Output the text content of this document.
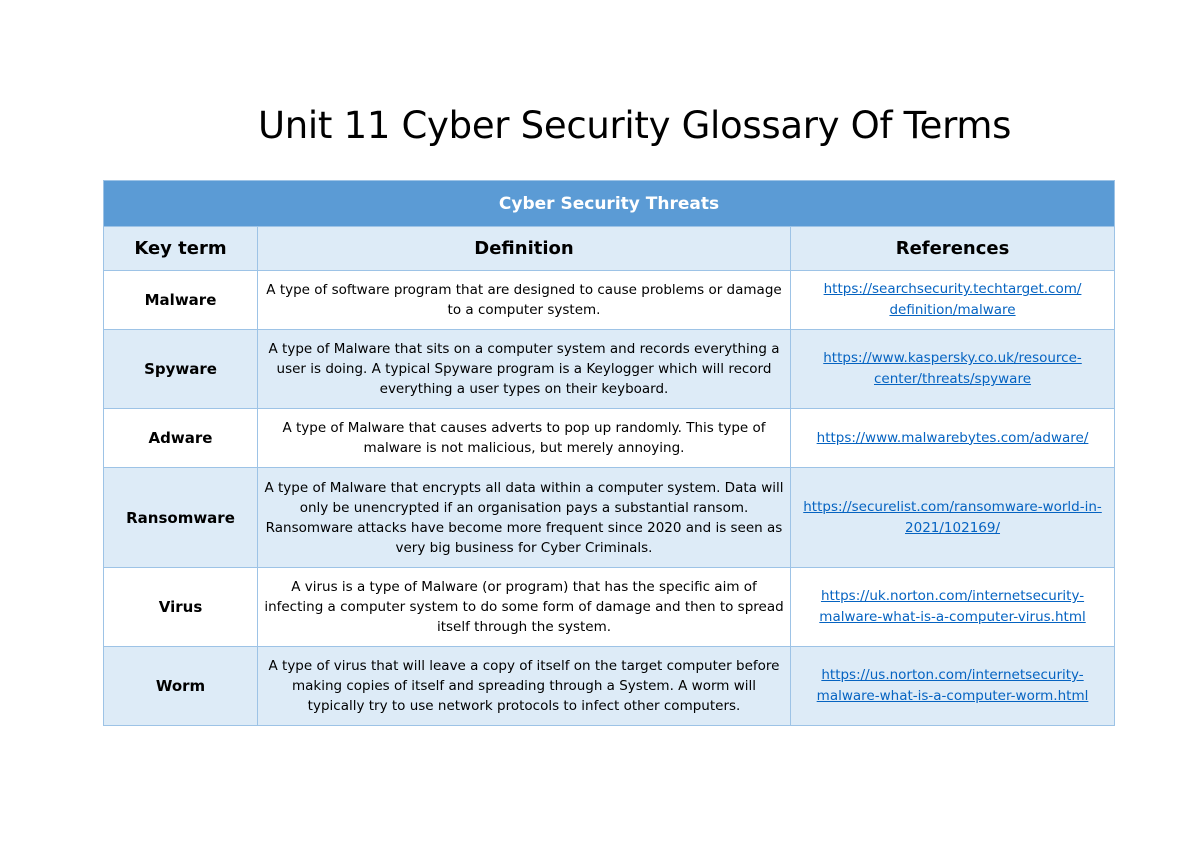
Unit 11 Cyber Security Glossary Of Terms
Cyber Security Threats		
Key term	Definition	References
Malware	A type of software program that are designed to cause problems or damage to a computer system.	https://searchsecurity.techtarget.com/ definition/malware
Spyware	A type of Malware that sits on a computer system and records everything a user is doing. A typical Spyware program is a Keylogger which will record everything a user types on their keyboard.	https://www.kaspersky.co.uk/resource-center/threats/spyware
Adware	A type of Malware that causes adverts to pop up randomly. This type of malware is not malicious, but merely annoying.	https://www.malwarebytes.com/adware/
Ransomware	A type of Malware that encrypts all data within a computer system. Data will only be unencrypted if an organisation pays a substantial ransom. Ransomware attacks have become more frequent since 2020 and is seen as very big business for Cyber Criminals.	https://securelist.com/ransomware-world-in-2021/102169/
Virus	A virus is a type of Malware (or program) that has the specific aim of infecting a computer system to do some form of damage and then to spread itself through the system.	https://uk.norton.com/internetsecurity-malware-what-is-a-computer-virus.html
Worm	A type of virus that will leave a copy of itself on the target computer before making copies of itself and spreading through a System. A worm will typically try to use network protocols to infect other computers.	https://us.norton.com/internetsecurity-malware-what-is-a-computer-worm.html
